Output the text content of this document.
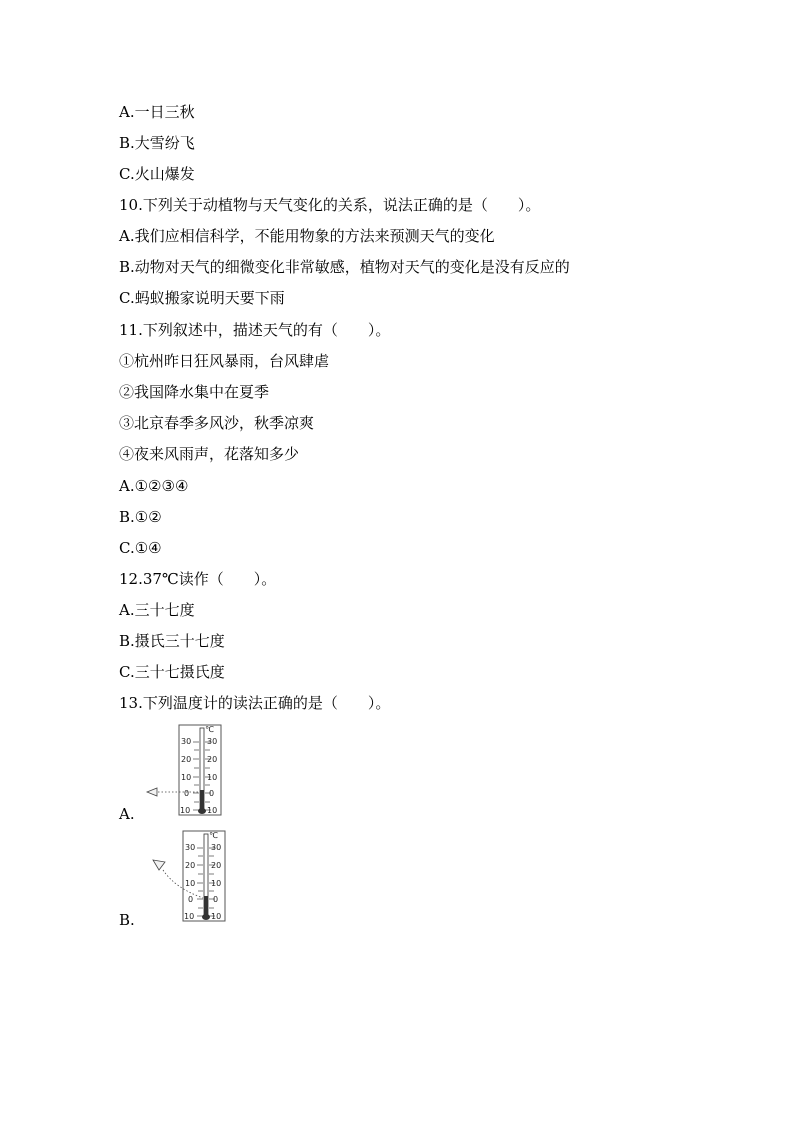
A.一日三秋
B.大雪纷飞
C.火山爆发
10.下列关于动植物与天气变化的关系，说法正确的是（　　）。
A.我们应相信科学，不能用物象的方法来预测天气的变化
B.动物对天气的细微变化非常敏感，植物对天气的变化是没有反应的
C.蚂蚁搬家说明天要下雨
11.下列叙述中，描述天气的有（　　）。
①杭州昨日狂风暴雨，台风肆虐
②我国降水集中在夏季
③北京春季多风沙，秋季凉爽
④夜来风雨声，花落知多少
A.①②③④
B.①②
C.①④
12.37℃读作（　　）。
A.三十七度
B.摄氏三十七度
C.三十七摄氏度
13.下列温度计的读法正确的是（　　）。
℃
30
20
10
0
10
30
20
10
0
10
A.
℃
30
20
10
0
10
30
20
10
0
10
B.
